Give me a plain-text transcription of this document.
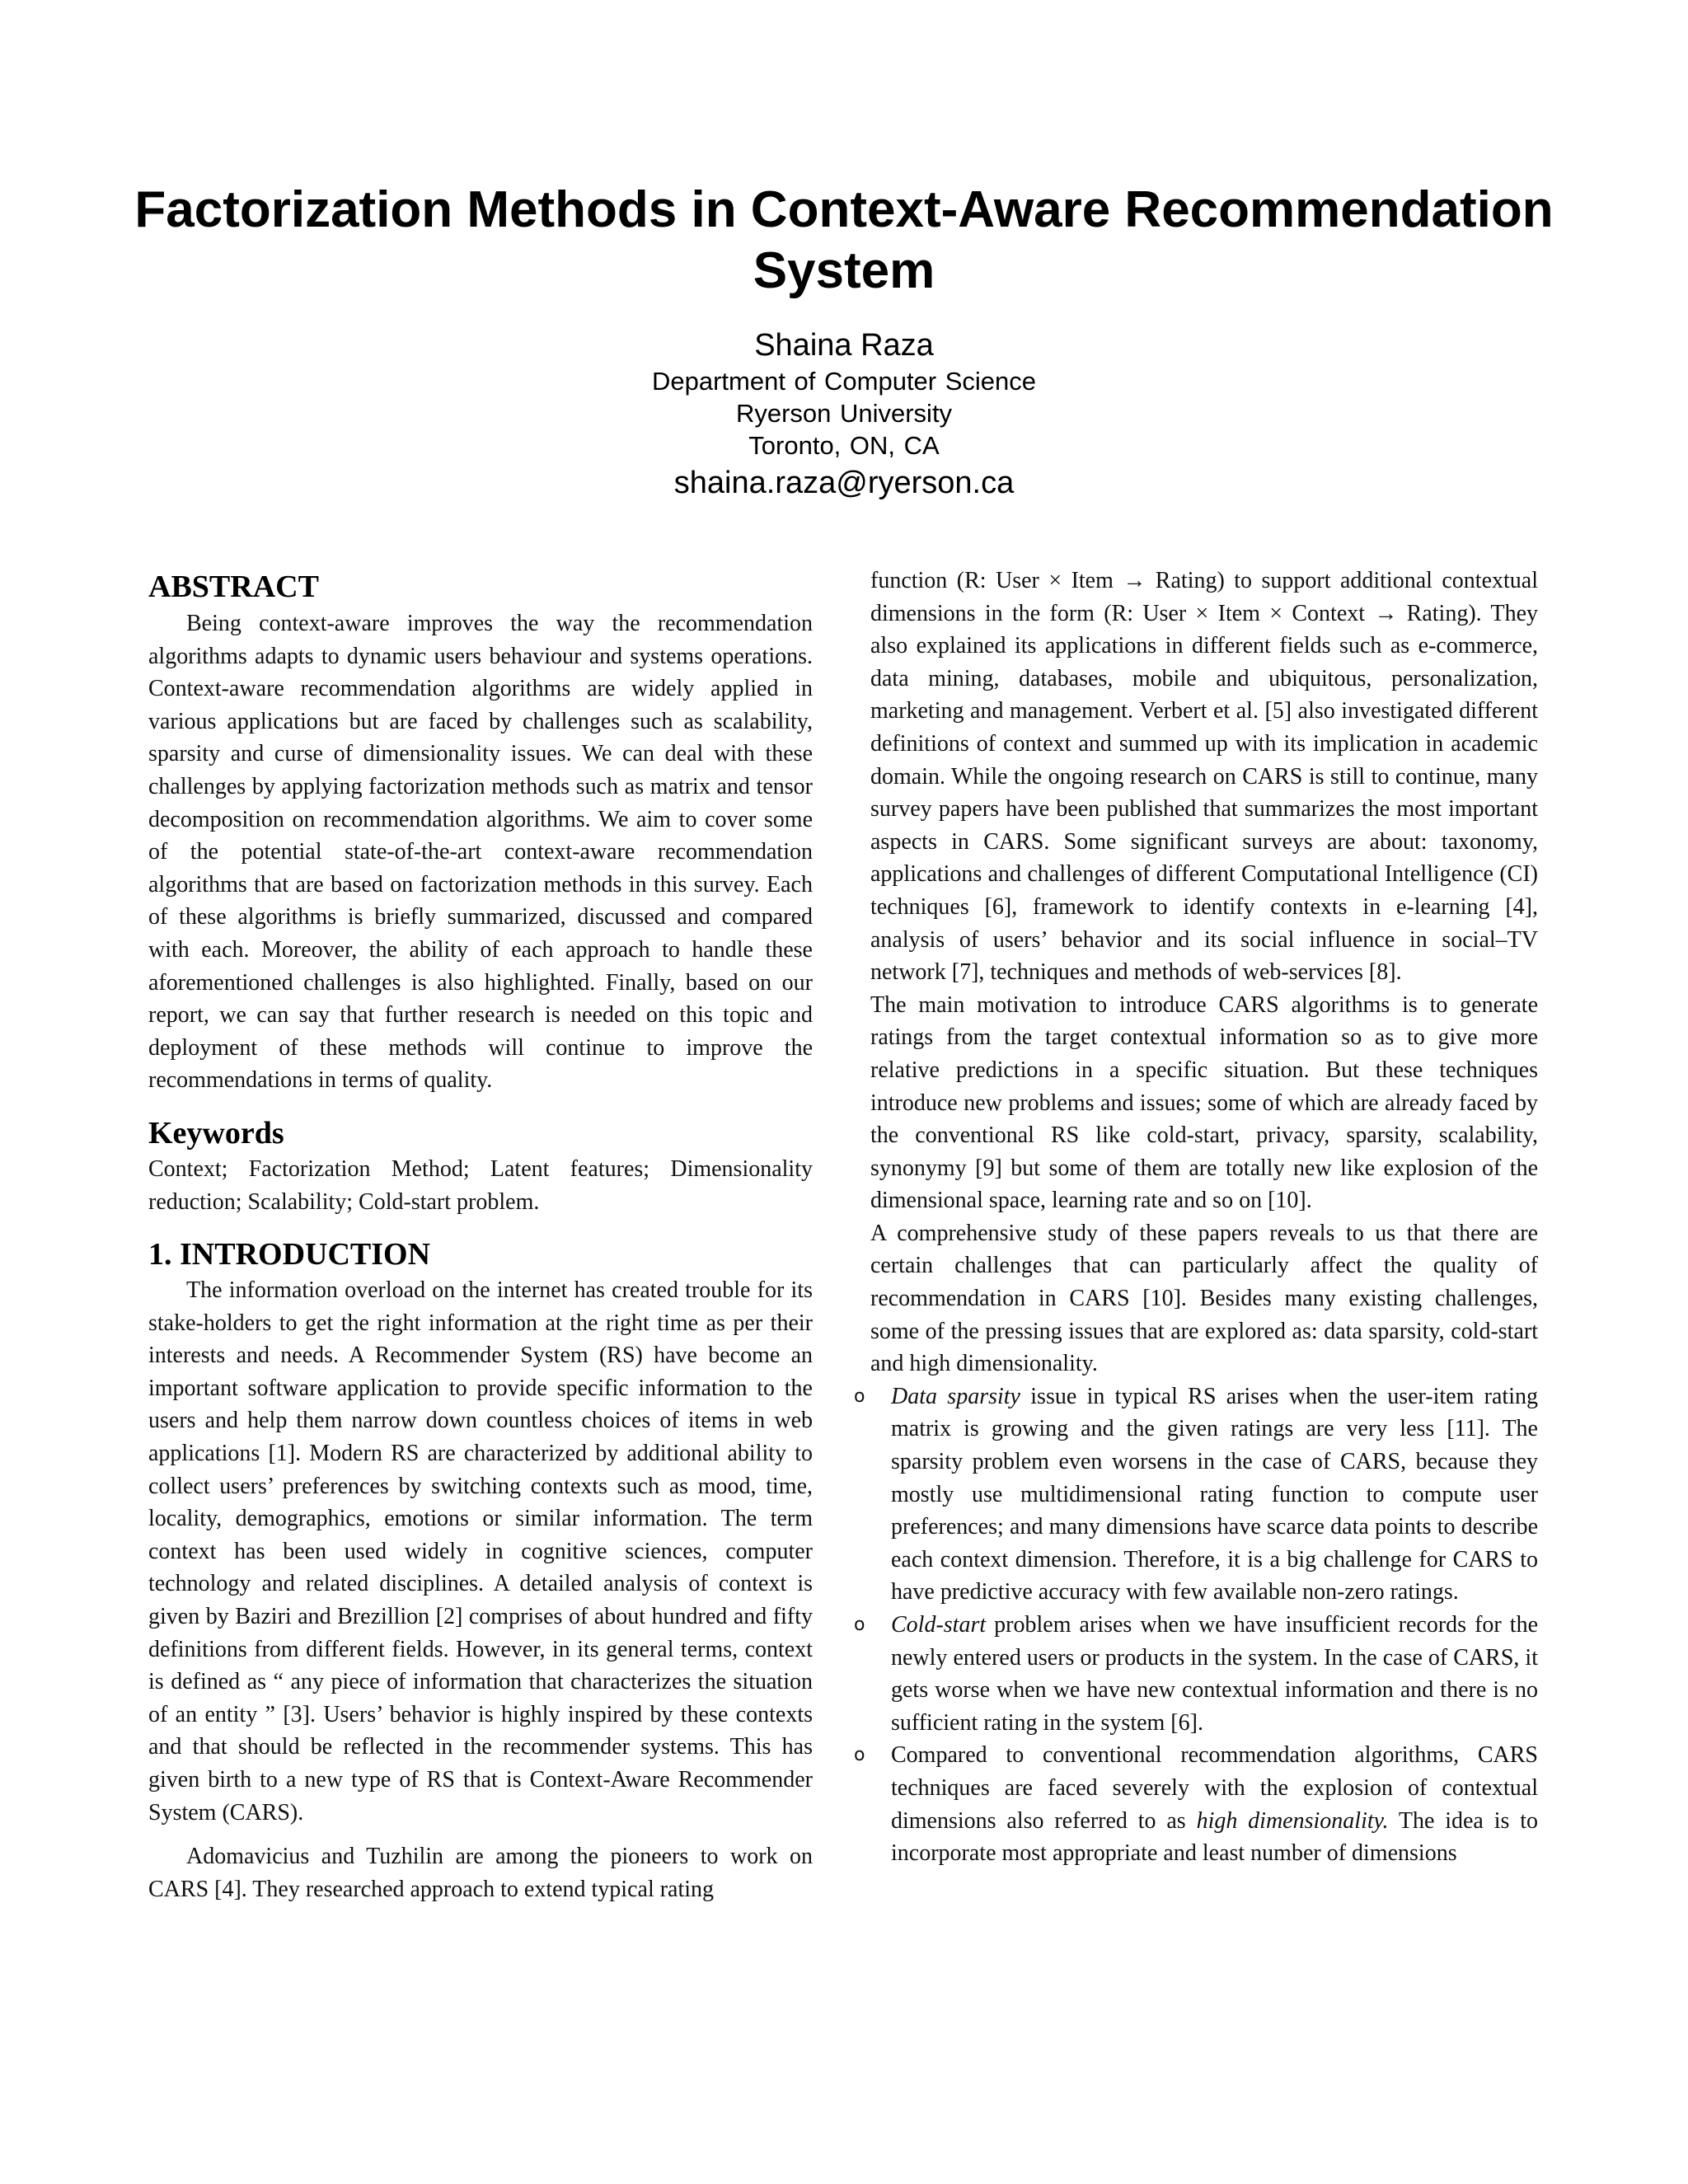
Factorization Methods in Context-Aware Recommendation System
Shaina Raza
Department of Computer Science
Ryerson University
Toronto, ON, CA
shaina.raza@ryerson.ca
ABSTRACT

Being context-aware improves the way the recommendation algorithms adapts to dynamic users behaviour and systems operations. Context-aware recommendation algorithms are widely applied in various applications but are faced by challenges such as scalability, sparsity and curse of dimensionality issues. We can deal with these challenges by applying factorization methods such as matrix and tensor decomposition on recommendation algorithms. We aim to cover some of the potential state-of-the-art context-aware recommendation algorithms that are based on factorization methods in this survey. Each of these algorithms is briefly summarized, discussed and compared with each. Moreover, the ability of each approach to handle these aforementioned challenges is also highlighted. Finally, based on our report, we can say that further research is needed on this topic and deployment of these methods will continue to improve the recommendations in terms of quality.

Keywords

Context; Factorization Method; Latent features; Dimensionality reduction; Scalability; Cold-start problem.

1. INTRODUCTION

The information overload on the internet has created trouble for its stake-holders to get the right information at the right time as per their interests and needs. A Recommender System (RS) have become an important software application to provide specific information to the users and help them narrow down countless choices of items in web applications [1]. Modern RS are characterized by additional ability to collect users’ preferences by switching contexts such as mood, time, locality, demographics, emotions or similar information. The term context has been used widely in cognitive sciences, computer technology and related disciplines. A detailed analysis of context is given by Baziri and Brezillion [2] comprises of about hundred and fifty definitions from different fields. However, in its general terms, context is defined as “ any piece of information that characterizes the situation of an entity ” [3]. Users’ behavior is highly inspired by these contexts and that should be reflected in the recommender systems. This has given birth to a new type of RS that is Context-Aware Recommender System (CARS).

Adomavicius and Tuzhilin are among the pioneers to work on CARS [4]. They researched approach to extend typical rating

function (R: User × Item → Rating) to support additional contextual dimensions in the form (R: User × Item × Context → Rating). They also explained its applications in different fields such as e-commerce, data mining, databases, mobile and ubiquitous, personalization, marketing and management. Verbert et al. [5] also investigated different definitions of context and summed up with its implication in academic domain. While the ongoing research on CARS is still to continue, many survey papers have been published that summarizes the most important aspects in CARS. Some significant surveys are about: taxonomy, applications and challenges of different Computational Intelligence (CI) techniques [6], framework to identify contexts in e-learning [4], analysis of users’ behavior and its social influence in social–TV network [7], techniques and methods of web-services [8].

The main motivation to introduce CARS algorithms is to generate ratings from the target contextual information so as to give more relative predictions in a specific situation. But these techniques introduce new problems and issues; some of which are already faced by the conventional RS like cold-start, privacy, sparsity, scalability, synonymy [9] but some of them are totally new like explosion of the dimensional space, learning rate and so on [10].

A comprehensive study of these papers reveals to us that there are certain challenges that can particularly affect the quality of recommendation in CARS [10]. Besides many existing challenges, some of the pressing issues that are explored as: data sparsity, cold-start and high dimensionality.

o Data sparsity issue in typical RS arises when the user-item rating matrix is growing and the given ratings are very less [11]. The sparsity problem even worsens in the case of CARS, because they mostly use multidimensional rating function to compute user preferences; and many dimensions have scarce data points to describe each context dimension. Therefore, it is a big challenge for CARS to have predictive accuracy with few available non-zero ratings.
o Cold-start problem arises when we have insufficient records for the newly entered users or products in the system. In the case of CARS, it gets worse when we have new contextual information and there is no sufficient rating in the system [6].
o Compared to conventional recommendation algorithms, CARS techniques are faced severely with the explosion of contextual dimensions also referred to as high dimensionality. The idea is to incorporate most appropriate and least number of dimensions
